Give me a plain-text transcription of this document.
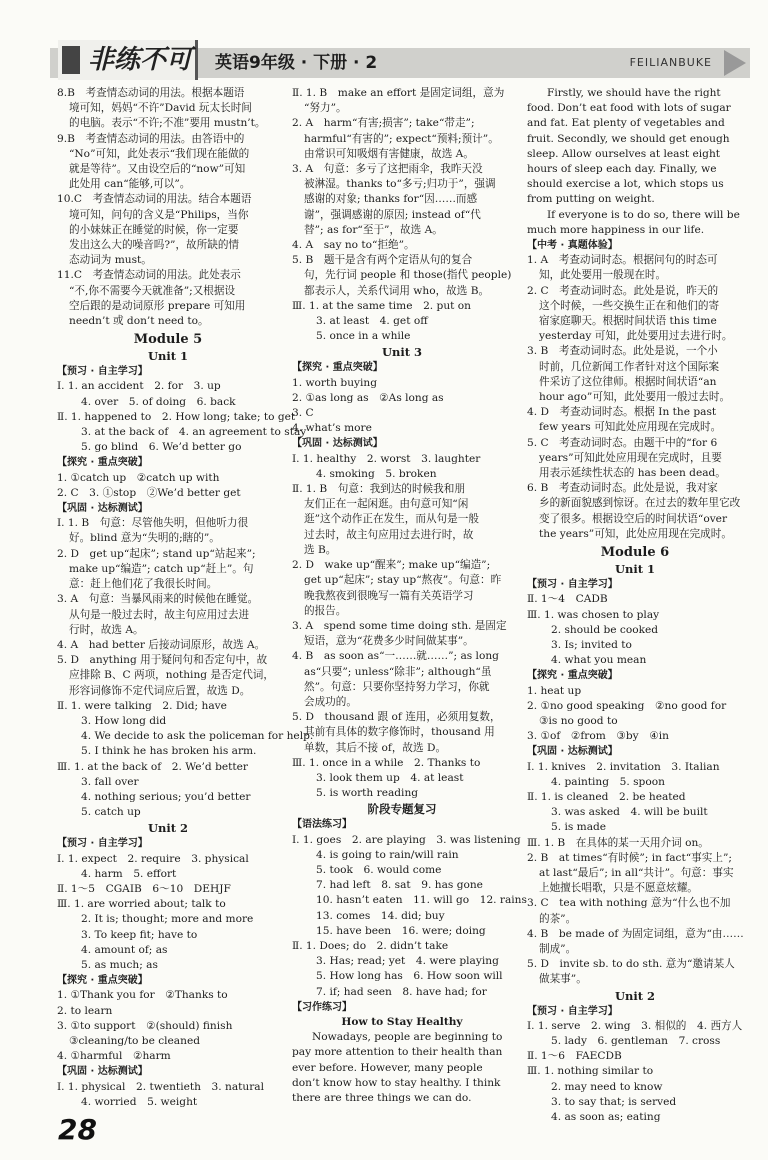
非练不可	英语9年级 · 下册 · 2	FEILIANBUKE

8.B　考查情态动词的用法。根据本题语

境可知，妈妈“不许”David 玩太长时间

的电脑。表示“不许;不准”要用 mustn’t。

9.B　考查情态动词的用法。由答语中的

“No”可知，此处表示“我们现在能做的

就是等待”。又由设空后的“now”可知

此处用 can“能够,可以”。

10.C　考查情态动词的用法。结合本题语

境可知，问句的含义是“Philips，当你

的小妹妹正在睡觉的时候，你一定要

发出这么大的噪音吗?”，故所缺的情

态动词为 must。

11.C　考查情态动词的用法。此处表示

“不,你不需要今天就准备”;又根据设

空后跟的是动词原形 prepare 可知用

needn’t 或 don’t need to。

Module 5
Unit 1

【预习 · 自主学习】

Ⅰ. 1. an accident　2. for　3. up

4. over　5. of doing　6. back

Ⅱ. 1. happened to　2. How long; take; to get

3. at the back of　4. an agreement to stay

5. go blind　6. We’d better go

【探究 · 重点突破】

1. ①catch up　②catch up with

2. C　3. ①stop　②We’d better get

【巩固 · 达标测试】

Ⅰ. 1. B　句意：尽管他失明，但他听力很

好。blind 意为“失明的;瞎的”。

2. D　get up“起床”; stand up“站起来”;

make up“编造”; catch up“赶上”。句

意：赶上他们花了我很长时间。

3. A　句意：当暴风雨来的时候他在睡觉。

从句是一般过去时，故主句应用过去进

行时，故选 A。

4. A　had better 后接动词原形，故选 A。

5. D　anything 用于疑问句和否定句中，故

应排除 B、C 两项，nothing 是否定代词，

形容词修饰不定代词应后置，故选 D。

Ⅱ. 1. were talking　2. Did; have

3. How long did

4. We decide to ask the policeman for help.

5. I think he has broken his arm.

Ⅲ. 1. at the back of　2. We’d better

3. fall over

4. nothing serious; you’d better

5. catch up

Unit 2

【预习 · 自主学习】

Ⅰ. 1. expect　2. require　3. physical

4. harm　5. effort

Ⅱ. 1～5　CGAIB　6～10　DEHJF

Ⅲ. 1. are worried about; talk to

2. It is; thought; more and more

3. To keep fit; have to

4. amount of; as

5. as much; as

【探究 · 重点突破】

1. ①Thank you for　②Thanks to

2. to learn

3. ①to support　②(should) finish

③cleaning/to be cleaned

4. ①harmful　②harm

【巩固 · 达标测试】

Ⅰ. 1. physical　2. twentieth　3. natural

4. worried　5. weight

Ⅱ. 1. B　make an effort 是固定词组，意为

“努力”。

2. A　harm“有害;损害”; take“带走”;

harmful“有害的”; expect“预料;预计”。

由常识可知吸烟有害健康，故选 A。

3. A　句意：多亏了这把雨伞，我昨天没

被淋湿。thanks to“多亏;归功于”，强调

感谢的对象; thanks for“因……而感

谢”，强调感谢的原因; instead of“代

替”; as for“至于”，故选 A。

4. A　say no to“拒绝”。

5. B　题干是含有两个定语从句的复合

句，先行词 people 和 those(指代 people)

都表示人，关系代词用 who，故选 B。

Ⅲ. 1. at the same time　2. put on

3. at least　4. get off

5. once in a while

Unit 3

【探究 · 重点突破】

1. worth buying

2. ①as long as　②As long as

3. C

4. what’s more

【巩固 · 达标测试】

Ⅰ. 1. healthy　2. worst　3. laughter

4. smoking　5. broken

Ⅱ. 1. B　句意：我到达的时候我和朋

友们正在一起闲逛。由句意可知“闲

逛”这个动作正在发生，而从句是一般

过去时，故主句应用过去进行时，故

选 B。

2. D　wake up“醒来”; make up“编造”;

get up“起床”; stay up“熬夜”。句意：昨

晚我熬夜到很晚写一篇有关英语学习

的报告。

3. A　spend some time doing sth. 是固定

短语，意为“花费多少时间做某事”。

4. B　as soon as“一……就……”; as long

as“只要”; unless“除非”; although“虽

然”。句意：只要你坚持努力学习，你就

会成功的。

5. D　thousand 跟 of 连用，必须用复数，

其前有具体的数字修饰时，thousand 用

单数，其后不接 of，故选 D。

Ⅲ. 1. once in a while　2. Thanks to

3. look them up　4. at least

5. is worth reading

阶段专题复习

【语法练习】

Ⅰ. 1. goes　2. are playing　3. was listening

4. is going to rain/will rain

5. took　6. would come

7. had left　8. sat　9. has gone

10. hasn’t eaten　11. will go　12. rains

13. comes　14. did; buy

15. have been　16. were; doing

Ⅱ. 1. Does; do　2. didn’t take

3. Has; read; yet　4. were playing

5. How long has　6. How soon will

7. if; had seen　8. have had; for

【习作练习】

How to Stay Healthy

Nowadays, people are beginning to pay more attention to their health than ever before. However, many people don’t know how to stay healthy. I think there are three things we can do.

Firstly, we should have the right food. Don’t eat food with lots of sugar and fat. Eat plenty of vegetables and fruit. Secondly, we should get enough sleep. Allow ourselves at least eight hours of sleep each day. Finally, we should exercise a lot, which stops us from putting on weight.

If everyone is to do so, there will be much more happiness in our life.

【中考 · 真题体验】

1. A　考查动词时态。根据问句的时态可

知，此处要用一般现在时。

2. C　考查动词时态。此处是说，昨天的

这个时候，一些交换生正在和他们的寄

宿家庭聊天。根据时间状语 this time

yesterday 可知，此处要用过去进行时。

3. B　考查动词时态。此处是说，一个小

时前，几位新闻工作者针对这个国际案

件采访了这位律师。根据时间状语“an

hour ago”可知，此处要用一般过去时。

4. D　考查动词时态。根据 In the past

few years 可知此处应用现在完成时。

5. C　考查动词时态。由题干中的“for 6

years”可知此处应用现在完成时，且要

用表示延续性状态的 has been dead。

6. B　考查动词时态。此处是说，我对家

乡的新面貌感到惊讶。在过去的数年里它改

变了很多。根据设空后的时间状语“over

the years”可知，此处应用现在完成时。

Module 6
Unit 1

【预习 · 自主学习】

Ⅱ. 1～4　CADB

Ⅲ. 1. was chosen to play

2. should be cooked

3. Is; invited to

4. what you mean

【探究 · 重点突破】

1. heat up

2. ①no good speaking　②no good for

③is no good to

3. ①of　②from　③by　④in

【巩固 · 达标测试】

Ⅰ. 1. knives　2. invitation　3. Italian

4. painting　5. spoon

Ⅱ. 1. is cleaned　2. be heated

3. was asked　4. will be built

5. is made

Ⅲ. 1. B　在具体的某一天用介词 on。

2. B　at times“有时候”; in fact“事实上”;

at last“最后”; in all“共计”。句意：事实

上她擅长唱歌，只是不愿意炫耀。

3. C　tea with nothing 意为“什么也不加

的茶”。

4. B　be made of 为固定词组，意为“由……

制成”。

5. D　invite sb. to do sth. 意为“邀请某人

做某事”。

Unit 2

【预习 · 自主学习】

Ⅰ. 1. serve　2. wing　3. 相似的　4. 西方人

5. lady　6. gentleman　7. cross

Ⅱ. 1～6　FAECDB

Ⅲ. 1. nothing similar to

2. may need to know

3. to say that; is served

4. as soon as; eating

28
